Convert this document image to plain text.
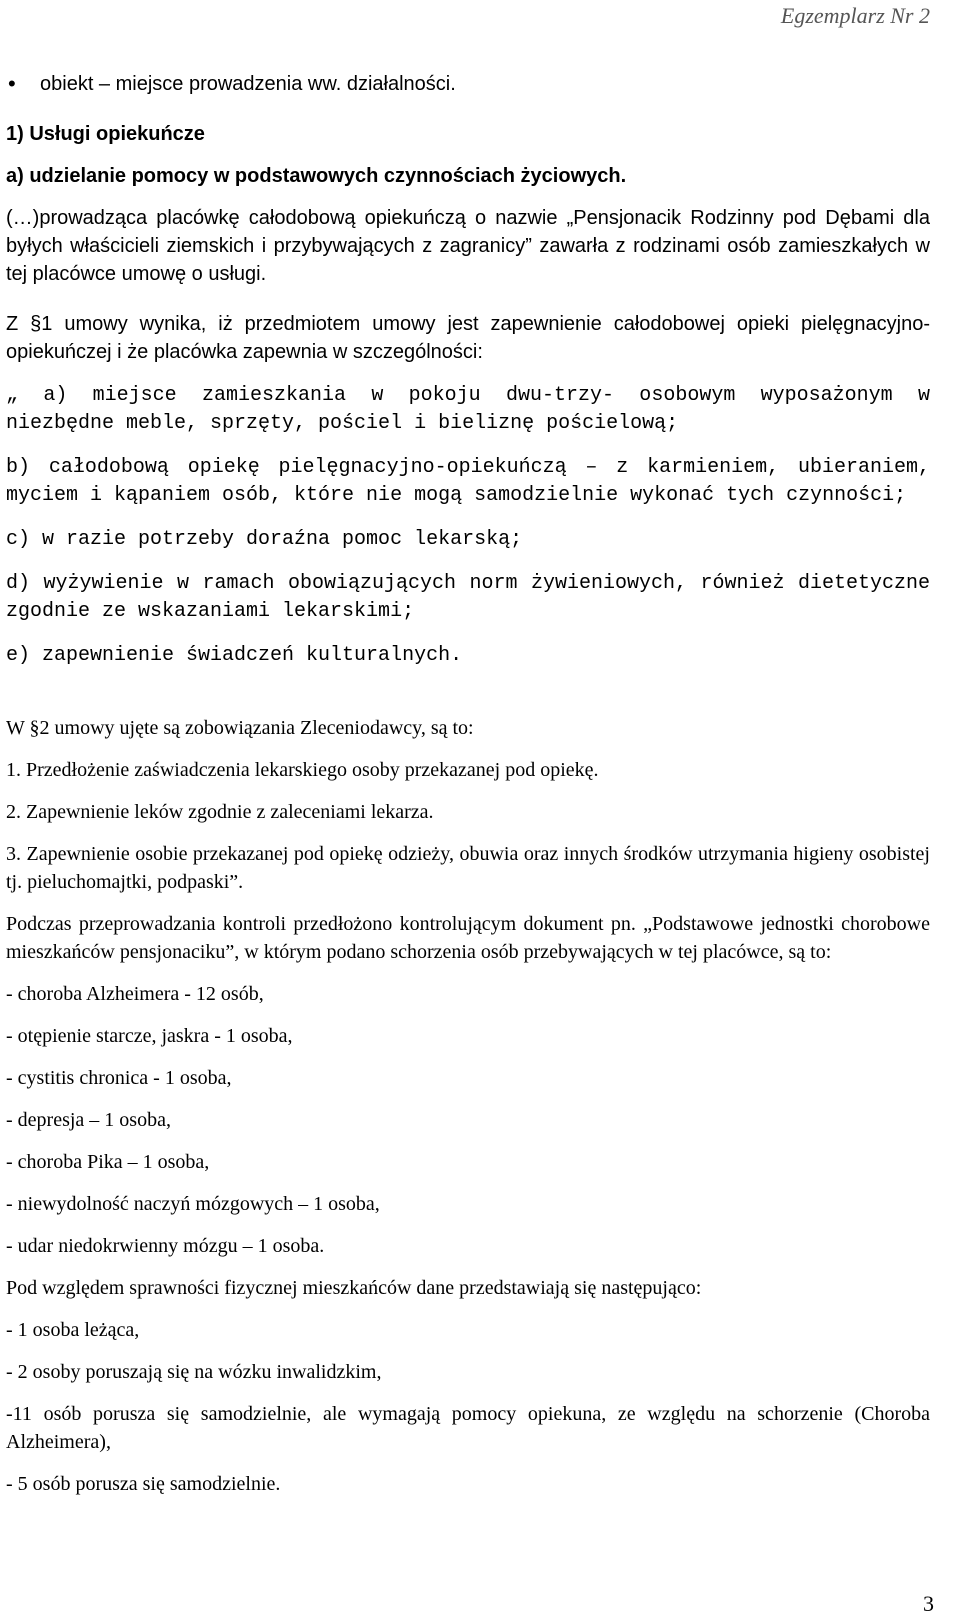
Egzemplarz Nr 2
• obiekt – miejsce prowadzenia ww. działalności.

1) Usługi opiekuńcze

a) udzielanie pomocy w podstawowych czynnościach życiowych.

(…)prowadząca placówkę całodobową opiekuńczą o nazwie „Pensjonacik Rodzinny pod Dębami dla byłych właścicieli ziemskich i przybywających z zagranicy” zawarła z rodzinami osób zamieszkałych w tej placówce umowę o usługi.

Z §1 umowy wynika, iż przedmiotem umowy jest zapewnienie całodobowej opieki pielęgnacyjno-opiekuńczej i że placówka zapewnia w szczególności:

„ a) miejsce zamieszkania w pokoju dwu-trzy- osobowym wyposażonym w niezbędne meble, sprzęty, pościel i bieliznę pościelową;

b) całodobową opiekę pielęgnacyjno-opiekuńczą – z karmieniem, ubieraniem, myciem i kąpaniem osób, które nie mogą samodzielnie wykonać tych czynności;

c) w razie potrzeby doraźna pomoc lekarską;

d) wyżywienie w ramach obowiązujących norm żywieniowych, również dietetyczne zgodnie ze wskazaniami lekarskimi;

e) zapewnienie świadczeń kulturalnych.

W §2 umowy ujęte są zobowiązania Zleceniodawcy, są to:

1. Przedłożenie zaświadczenia lekarskiego osoby przekazanej pod opiekę.

2. Zapewnienie leków zgodnie z zaleceniami lekarza.

3. Zapewnienie osobie przekazanej pod opiekę odzieży, obuwia oraz innych środków utrzymania higieny osobistej tj. pieluchomajtki, podpaski”.

Podczas przeprowadzania kontroli przedłożono kontrolującym dokument pn. „Podstawowe jednostki chorobowe mieszkańców pensjonaciku”, w którym podano schorzenia osób przebywających w tej placówce, są to:

- choroba Alzheimera - 12 osób,

- otępienie starcze, jaskra - 1 osoba,

- cystitis chronica - 1 osoba,

- depresja – 1 osoba,

- choroba Pika – 1 osoba,

- niewydolność naczyń mózgowych – 1 osoba,

- udar niedokrwienny mózgu – 1 osoba.

Pod względem sprawności fizycznej mieszkańców dane przedstawiają się następująco:

- 1 osoba leżąca,

- 2 osoby poruszają się na wózku inwalidzkim,

-11 osób porusza się samodzielnie, ale wymagają pomocy opiekuna, ze względu na schorzenie (Choroba Alzheimera),

- 5 osób porusza się samodzielnie.

3
